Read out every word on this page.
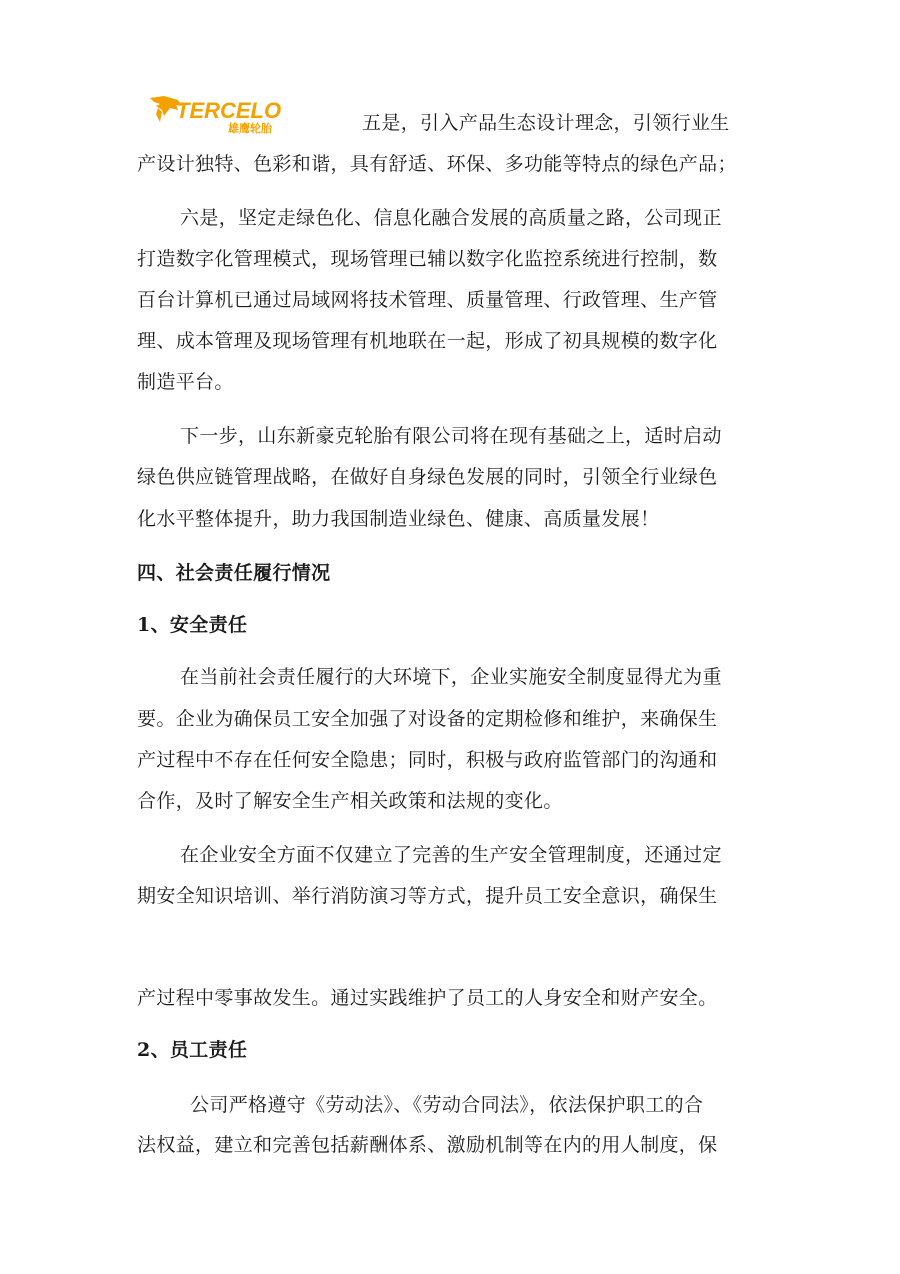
TERCELO
雄鹰轮胎	五是，引入产品生态设计理念，引领行业生
产设计独特、色彩和谐，具有舒适、环保、多功能等特点的绿色产品；
六是，坚定走绿色化、信息化融合发展的高质量之路，公司现正
打造数字化管理模式，现场管理已辅以数字化监控系统进行控制，数
百台计算机已通过局域网将技术管理、质量管理、行政管理、生产管
理、成本管理及现场管理有机地联在一起，形成了初具规模的数字化
制造平台。
下一步，山东新豪克轮胎有限公司将在现有基础之上，适时启动
绿色供应链管理战略，在做好自身绿色发展的同时，引领全行业绿色
化水平整体提升，助力我国制造业绿色、健康、高质量发展！
四、社会责任履行情况
1、安全责任
在当前社会责任履行的大环境下，企业实施安全制度显得尤为重
要。企业为确保员工安全加强了对设备的定期检修和维护，来确保生
产过程中不存在任何安全隐患；同时，积极与政府监管部门的沟通和
合作，及时了解安全生产相关政策和法规的变化。
在企业安全方面不仅建立了完善的生产安全管理制度，还通过定
期安全知识培训、举行消防演习等方式，提升员工安全意识，确保生
产过程中零事故发生。通过实践维护了员工的人身安全和财产安全。
2、员工责任
公司严格遵守《劳动法》、《劳动合同法》，依法保护职工的合
法权益，建立和完善包括薪酬体系、激励机制等在内的用人制度，保
